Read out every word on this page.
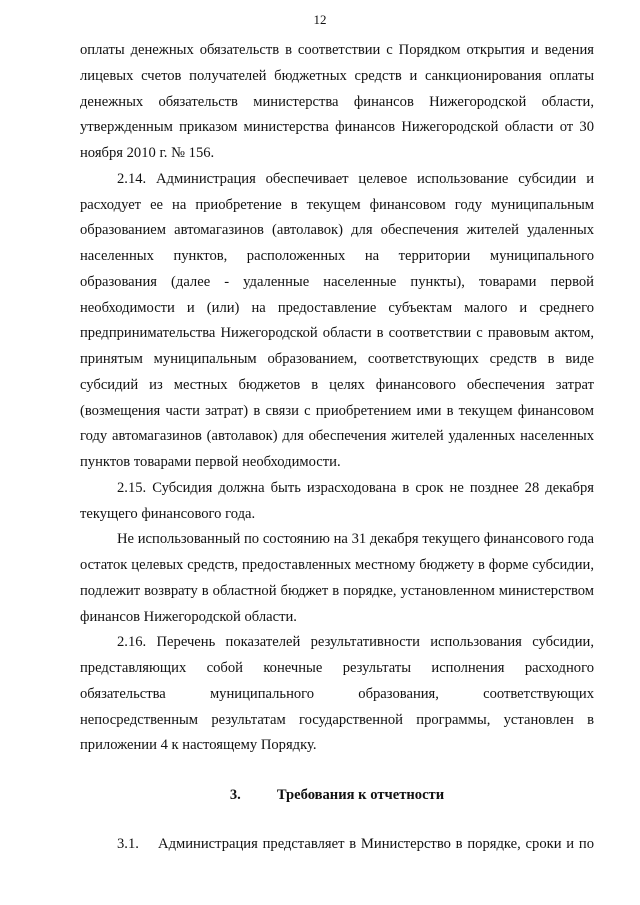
12

оплаты денежных обязательств в соответствии с Порядком открытия и ведения лицевых счетов получателей бюджетных средств и санкционирования оплаты денежных обязательств министерства финансов Нижегородской области, утвержденным приказом министерства финансов Нижегородской области от 30 ноября 2010 г. № 156.

2.14. Администрация обеспечивает целевое использование субсидии и расходует ее на приобретение в текущем финансовом году муниципальным образованием автомагазинов (автолавок) для обеспечения жителей удаленных населенных пунктов, расположенных на территории муниципального образования (далее - удаленные населенные пункты), товарами первой необходимости и (или) на предоставление субъектам малого и среднего предпринимательства Нижегородской области в соответствии с правовым актом, принятым муниципальным образованием, соответствующих средств в виде субсидий из местных бюджетов в целях финансового обеспечения затрат (возмещения части затрат) в связи с приобретением ими в текущем финансовом году автомагазинов (автолавок) для обеспечения жителей удаленных населенных пунктов товарами первой необходимости.

2.15. Субсидия должна быть израсходована в срок не позднее 28 декабря текущего финансового года.

Не использованный по состоянию на 31 декабря текущего финансового года остаток целевых средств, предоставленных местному бюджету в форме субсидии, подлежит возврату в областной бюджет в порядке, установленном министерством финансов Нижегородской области.

2.16. Перечень показателей результативности использования субсидии, представляющих собой конечные результаты исполнения расходного обязательства муниципального образования, соответствующих непосредственным результатам государственной программы, установлен в приложении 4 к настоящему Порядку.

3. Требования к отчетности

3.1.    Администрация представляет в Министерство в порядке, сроки и по
